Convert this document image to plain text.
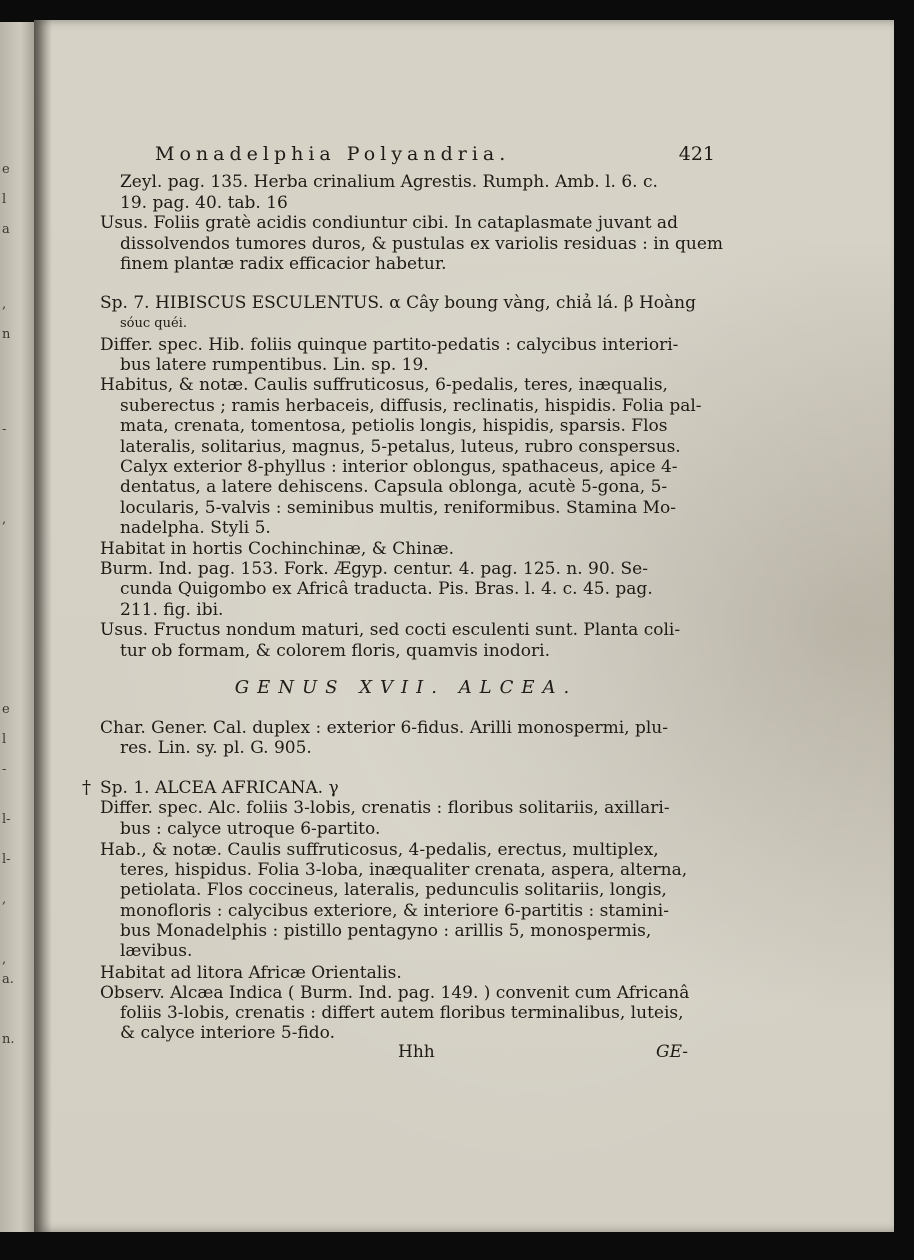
e
l
a
,
n
-
,
e
l
-
l-
l-
,
,
a.
n.
Monadelphia Polyandria.	421
Zeyl. pag. 135. Herba crinalium Agrestis. Rumph. Amb. l. 6. c.
19. pag. 40. tab. 16
Usus. Foliis gratè acidis condiuntur cibi. In cataplasmate juvant ad
dissolvendos tumores duros, & pustulas ex variolis residuas : in quem
finem plantæ radix efficacior habetur.
Sp. 7. HIBISCUS ESCULENTUS. α Cây boung vàng, chiả lá. β Hoàng
sóuc quéi.
Differ. spec. Hib. foliis quinque partito-pedatis : calycibus interiori-
bus latere rumpentibus. Lin. sp. 19.
Habitus, & notæ. Caulis suffruticosus, 6-pedalis, teres, inæqualis,
suberectus ; ramis herbaceis, diffusis, reclinatis, hispidis. Folia pal-
mata, crenata, tomentosa, petiolis longis, hispidis, sparsis. Flos
lateralis, solitarius, magnus, 5-petalus, luteus, rubro conspersus.
Calyx exterior 8-phyllus : interior oblongus, spathaceus, apice 4-
dentatus, a latere dehiscens. Capsula oblonga, acutè 5-gona, 5-
locularis, 5-valvis : seminibus multis, reniformibus. Stamina Mo-
nadelpha. Styli 5.
Habitat in hortis Cochinchinæ, & Chinæ.
Burm. Ind. pag. 153. Fork. Ægyp. centur. 4. pag. 125. n. 90. Se-
cunda Quigombo ex Africâ traducta. Pis. Bras. l. 4. c. 45. pag.
211. fig. ibi.
Usus. Fructus nondum maturi, sed cocti esculenti sunt. Planta coli-
tur ob formam, & colorem floris, quamvis inodori.
GENUS XVII. ALCEA.
Char. Gener. Cal. duplex : exterior 6-fidus. Arilli monospermi, plu-
res. Lin. sy. pl. G. 905.
Sp. 1. ALCEA AFRICANA. γ
Differ. spec. Alc. foliis 3-lobis, crenatis : floribus solitariis, axillari-
bus : calyce utroque 6-partito.
Hab., & notæ. Caulis suffruticosus, 4-pedalis, erectus, multiplex,
teres, hispidus. Folia 3-loba, inæqualiter crenata, aspera, alterna,
petiolata. Flos coccineus, lateralis, pedunculis solitariis, longis,
monofloris : calycibus exteriore, & interiore 6-partitis : stamini-
bus Monadelphis : pistillo pentagyno : arillis 5, monospermis,
lævibus.
Habitat ad litora Africæ Orientalis.
Observ. Alcæa Indica ( Burm. Ind. pag. 149. ) convenit cum Africanâ
foliis 3-lobis, crenatis : differt autem floribus terminalibus, luteis,
& calyce interiore 5-fido.
†
Hhh	GE-
